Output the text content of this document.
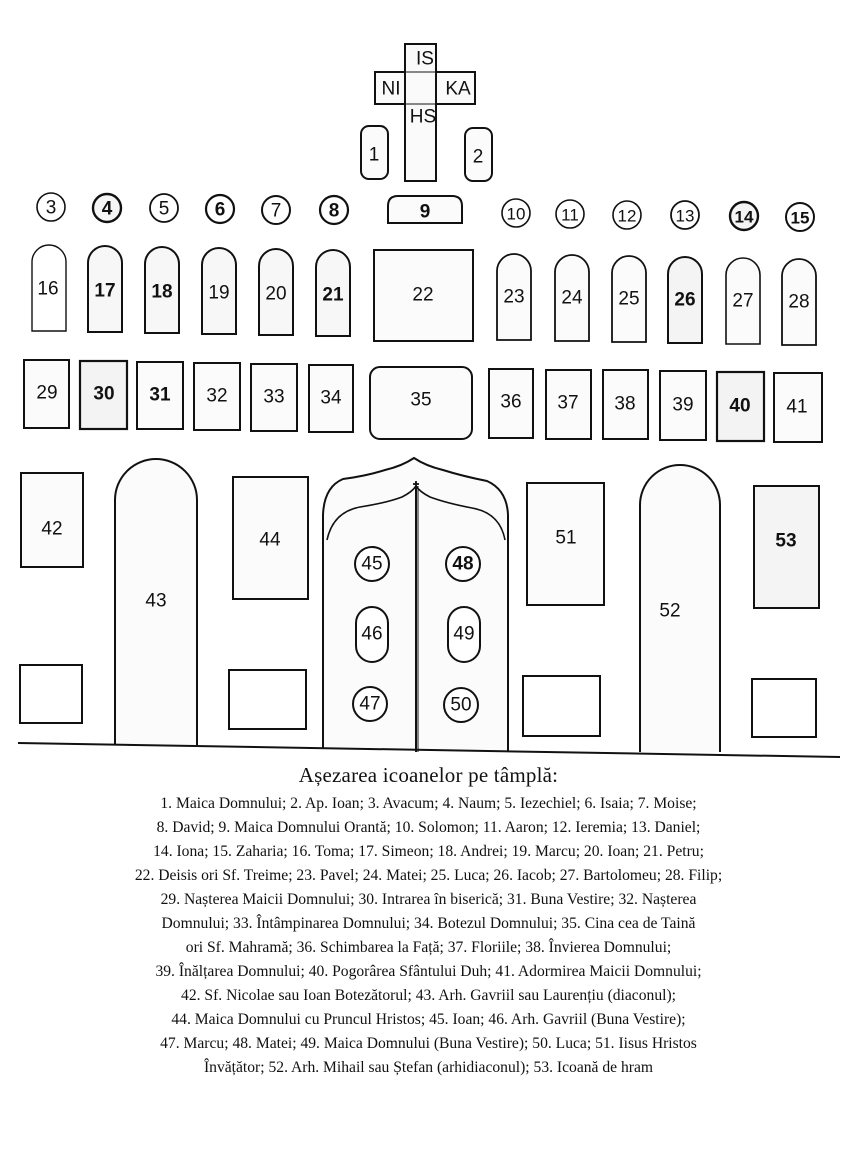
IS
NI KA
HS
1	2
3 4 5 6 7 8	9	10 11 12 13 14 15
16 17 18 19 20 21	22	23 24 25 26 27 28
29 30 31 32 33 34	35	36 37 38 39 40 41
42
43
44
45
46
47
48
49
50
51
52
53
Așezarea icoanelor pe tâmplă:
1. Maica Domnului; 2. Ap. Ioan; 3. Avacum; 4. Naum; 5. Iezechiel; 6. Isaia; 7. Moise;
8. David; 9. Maica Domnului Orantă; 10. Solomon; 11. Aaron; 12. Ieremia; 13. Daniel;
14. Iona; 15. Zaharia; 16. Toma; 17. Simeon; 18. Andrei; 19. Marcu; 20. Ioan; 21. Petru;
22. Deisis ori Sf. Treime; 23. Pavel; 24. Matei; 25. Luca; 26. Iacob; 27. Bartolomeu; 28. Filip;
29. Nașterea Maicii Domnului; 30. Intrarea în biserică; 31. Buna Vestire; 32. Nașterea
Domnului; 33. Întâmpinarea Domnului; 34. Botezul Domnului; 35. Cina cea de Taină
ori Sf. Mahramă; 36. Schimbarea la Față; 37. Floriile; 38. Învierea Domnului;
39. Înălțarea Domnului; 40. Pogorârea Sfântului Duh; 41. Adormirea Maicii Domnului;
42. Sf. Nicolae sau Ioan Botezătorul; 43. Arh. Gavriil sau Laurențiu (diaconul);
44. Maica Domnului cu Pruncul Hristos; 45. Ioan; 46. Arh. Gavriil (Buna Vestire);
47. Marcu; 48. Matei; 49. Maica Domnului (Buna Vestire); 50. Luca; 51. Iisus Hristos
Învățător; 52. Arh. Mihail sau Ștefan (arhidiaconul); 53. Icoană de hram
